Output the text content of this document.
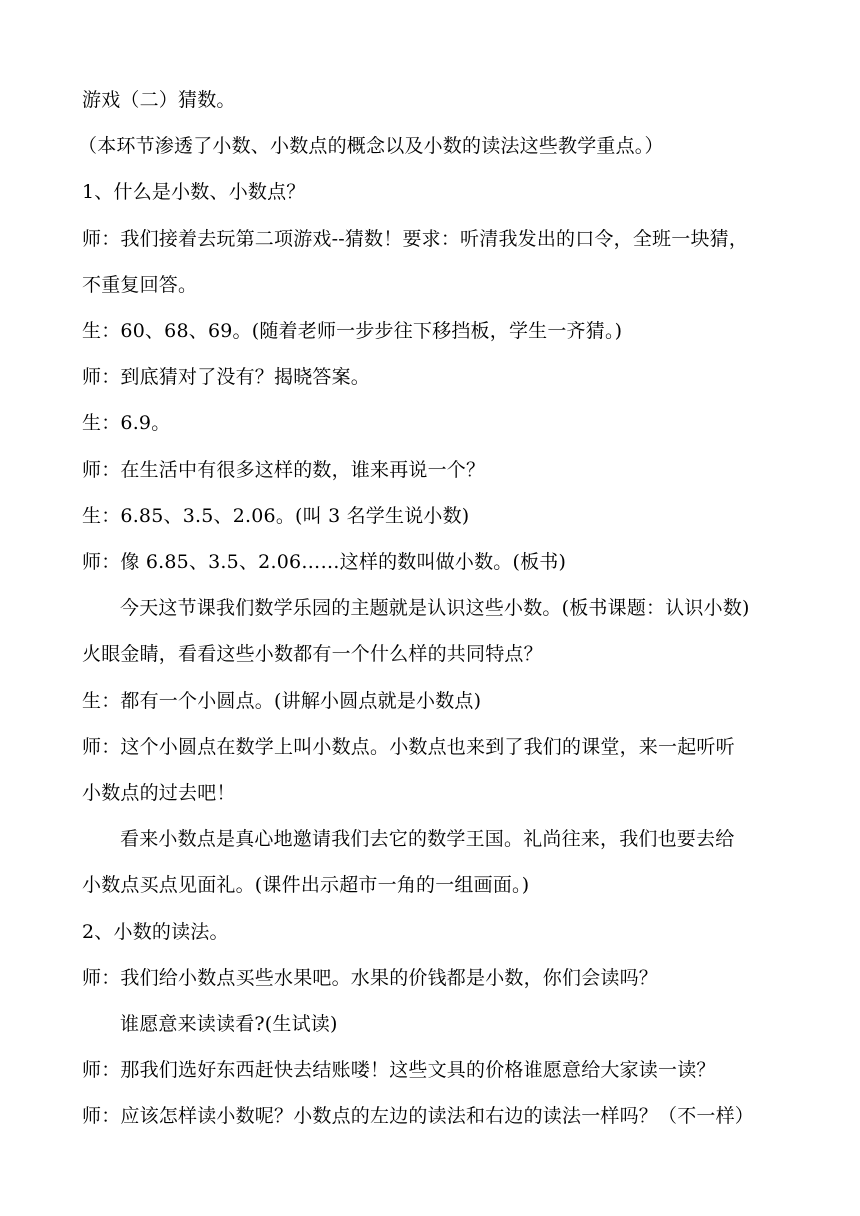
游戏（二）猜数。
（本环节渗透了小数、小数点的概念以及小数的读法这些教学重点。）
1、什么是小数、小数点？
师：我们接着去玩第二项游戏--猜数！要求：听清我发出的口令，全班一块猜，
不重复回答。
生：60、68、69。(随着老师一步步往下移挡板，学生一齐猜。)
师：到底猜对了没有？揭晓答案。
生：6.9。
师：在生活中有很多这样的数，谁来再说一个？
生：6.85、3.5、2.06。(叫 3 名学生说小数)
师：像 6.85、3.5、2.06……这样的数叫做小数。(板书)
今天这节课我们数学乐园的主题就是认识这些小数。(板书课题：认识小数)
火眼金睛，看看这些小数都有一个什么样的共同特点？
生：都有一个小圆点。(讲解小圆点就是小数点)
师：这个小圆点在数学上叫小数点。小数点也来到了我们的课堂，来一起听听
小数点的过去吧！
看来小数点是真心地邀请我们去它的数学王国。礼尚往来，我们也要去给
小数点买点见面礼。(课件出示超市一角的一组画面。)
2、小数的读法。
师：我们给小数点买些水果吧。水果的价钱都是小数，你们会读吗？
谁愿意来读读看?(生试读)
师：那我们选好东西赶快去结账喽！这些文具的价格谁愿意给大家读一读？
师：应该怎样读小数呢？小数点的左边的读法和右边的读法一样吗？（不一样）
